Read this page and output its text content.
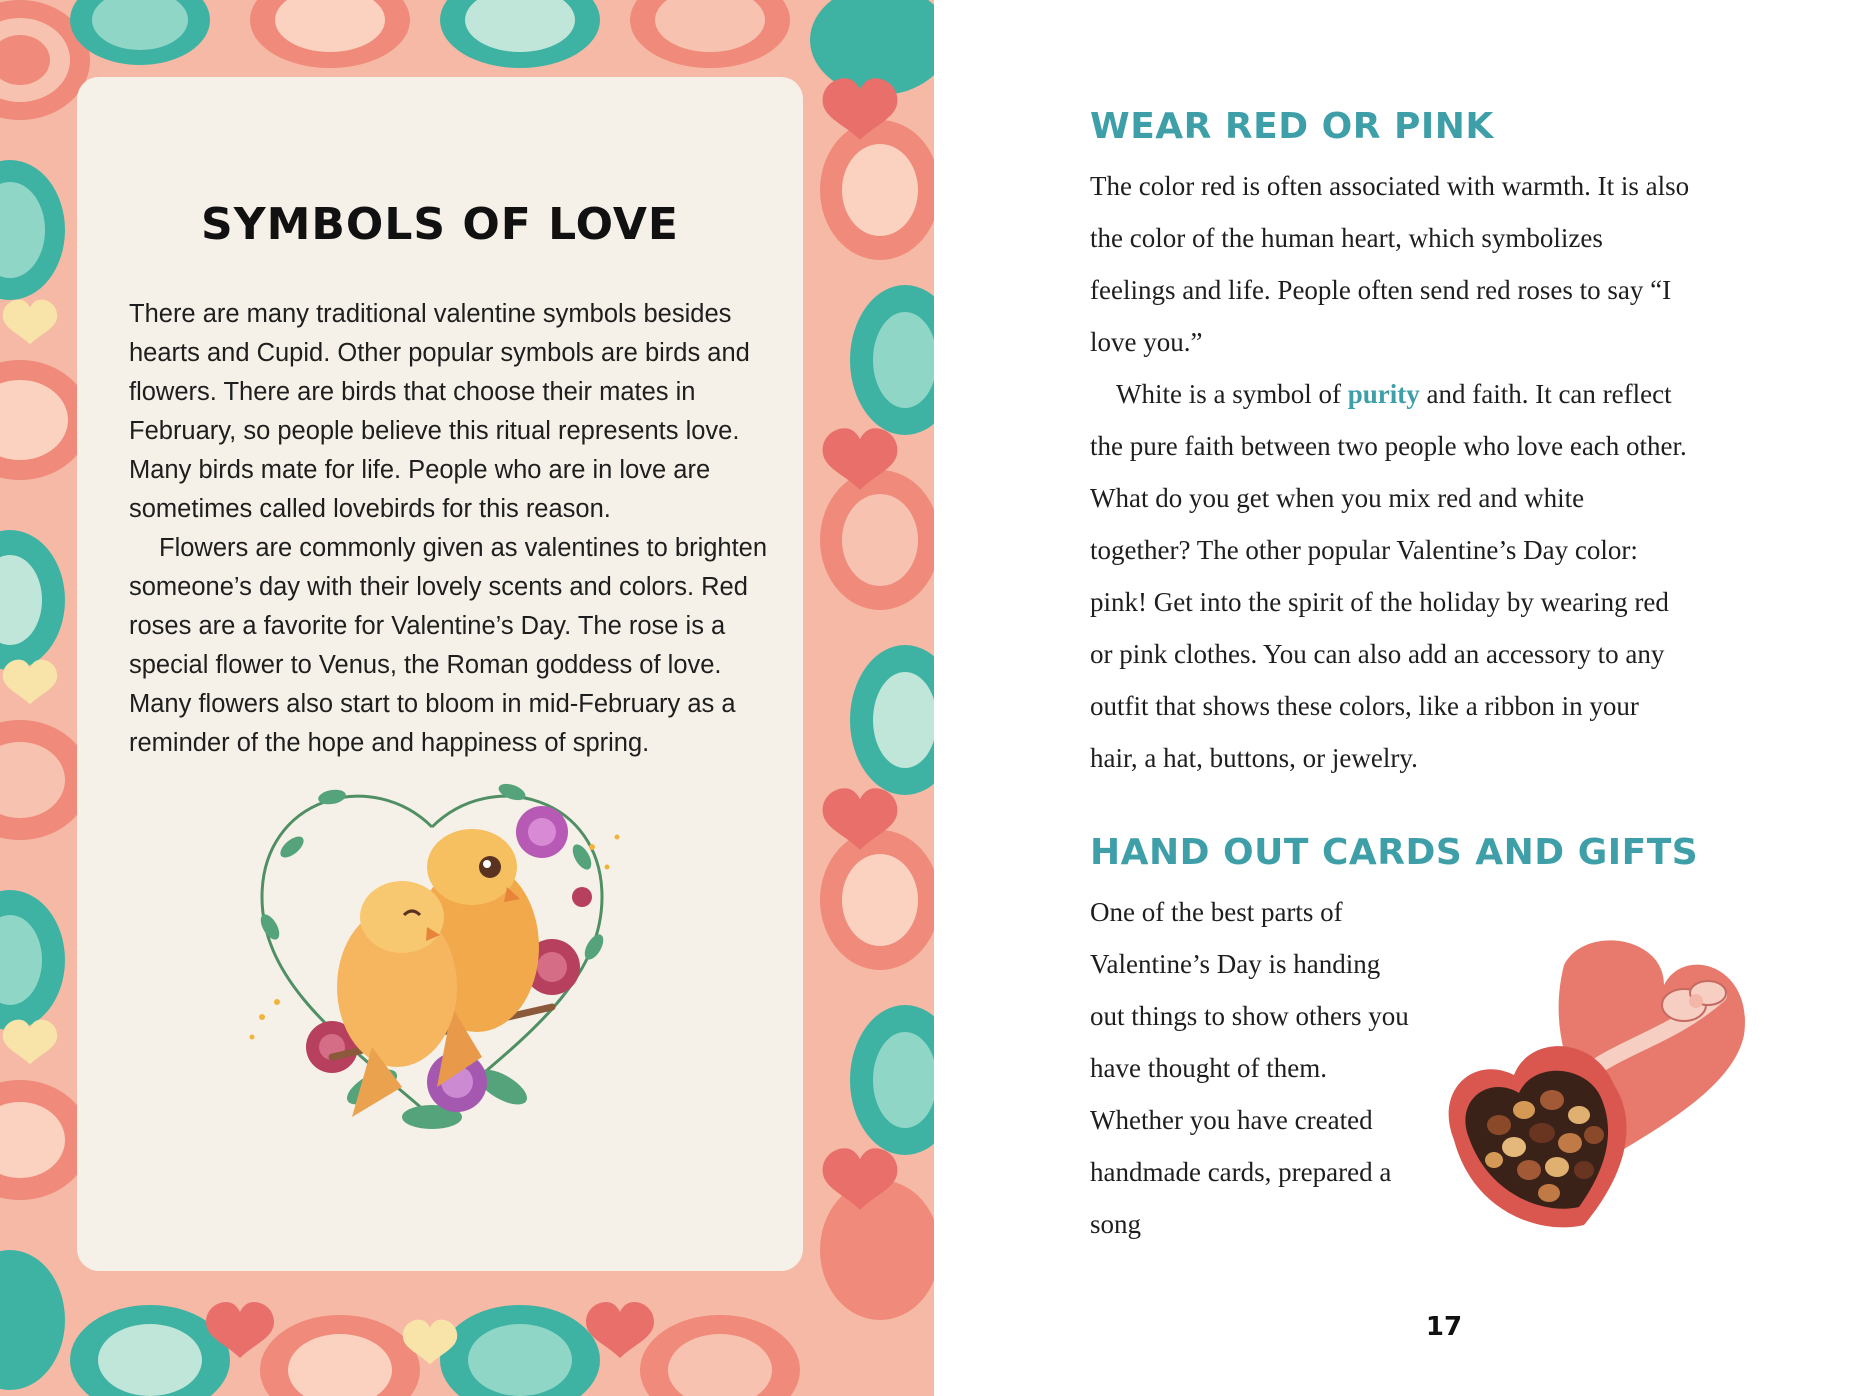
SYMBOLS OF LOVE

There are many traditional valentine symbols besides hearts and Cupid. Other popular symbols are birds and flowers. There are birds that choose their mates in February, so people believe this ritual represents love. Many birds mate for life. People who are in love are sometimes called lovebirds for this reason.

Flowers are commonly given as valentines to brighten someone’s day with their lovely scents and colors. Red roses are a favorite for Valentine’s Day. The rose is a special flower to Venus, the Roman goddess of love. Many flowers also start to bloom in mid-February as a reminder of the hope and happiness of spring.

WEAR RED OR PINK

The color red is often associated with warmth. It is also the color of the human heart, which symbolizes feelings and life. People often send red roses to say “I love you.”

White is a symbol of purity and faith. It can reflect the pure faith between two people who love each other. What do you get when you mix red and white together? The other popular Valentine’s Day color: pink! Get into the spirit of the holiday by wearing red or pink clothes. You can also add an accessory to any outfit that shows these colors, like a ribbon in your hair, a hat, buttons, or jewelry.

HAND OUT CARDS AND GIFTS

One of the best parts of Valentine’s Day is handing out things to show others you have thought of them. Whether you have created handmade cards, prepared a song

17
